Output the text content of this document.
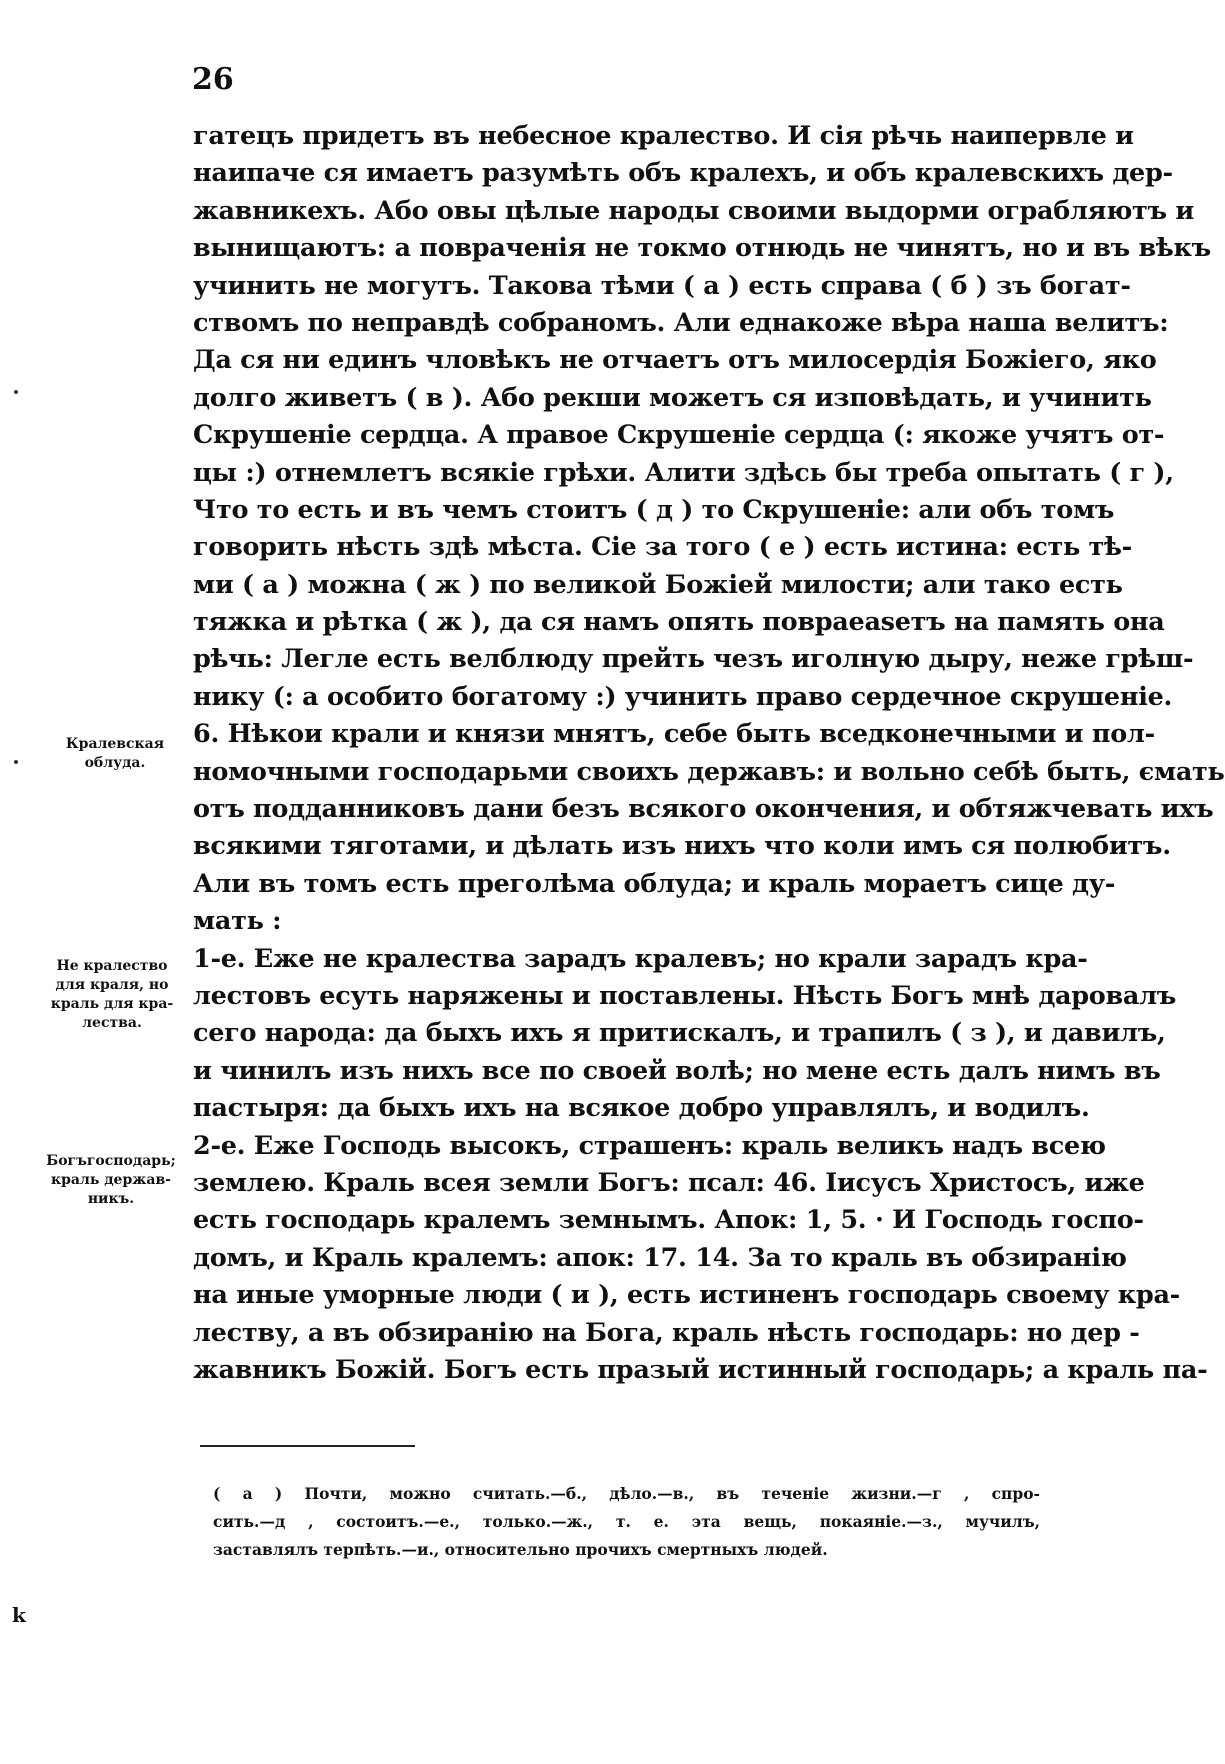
26
гатецъ придетъ въ небесное кралество. И сія рѣчь наипервле и
наипаче ся имаетъ разумѣть объ кралехъ, и объ кралевскихъ дер-
жавникехъ. Або овы цѣлые народы своими выдорми ограбляютъ и
вынищаютъ: а повраченія не токмо отнюдь не чинятъ, но и въ вѣкъ
учинить не могутъ. Такова тѣми ( а ) есть справа ( б ) зъ богат-
ствомъ по неправдѣ собраномъ. Али еднакоже вѣра наша велитъ:
Да ся ни единъ чловѣкъ не отчаетъ отъ милосердія Божіего, яко
долго живетъ ( в ). Або рекши можетъ ся изповѣдать, и учинить
Скрушеніе сердца. А правое Скрушеніе сердца (: якоже учятъ от-
цы :) отнемлетъ всякіе грѣхи. Алити здѣсь бы треба опытать ( г ),
Что то есть и въ чемъ стоитъ ( д ) то Скрушеніе: али объ томъ
говорить нѣсть здѣ мѣста. Сіе за того ( е ) есть истина: есть тѣ-
ми ( а ) можна ( ж ) по великой Божіей милости; али тако есть
тяжка и рѣтка ( ж ), да ся намъ опять повраeaseтъ на память она
рѣчь: Легле есть велблюду прейть чезъ иголную дыру, неже грѣш-
нику (: а особито богатому :) учинить право сердечное скрушеніе.
6. Нѣкои крали и князи мнятъ, себе быть вседконечными и пол-
номочными господарьми своихъ державъ: и вольно себѣ быть, ємать
отъ подданниковъ дани безъ всякого окончения, и обтяжчевать ихъ
всякими тяготами, и дѣлать изъ нихъ что коли имъ ся полюбитъ.
Али въ томъ есть преголѣма облуда; и краль мораетъ сице ду-
мать :
1-е. Еже не кралества зарадъ кралевъ; но крали зарадъ кра-
лестовъ есуть наряжены и поставлены. Нѣсть Богъ мнѣ даровалъ
сего народа: да быхъ ихъ я притискалъ, и трапилъ ( з ), и давилъ,
и чинилъ изъ нихъ все по своей волѣ; но мене есть далъ нимъ въ
пастыря: да быхъ ихъ на всякое добро управлялъ, и водилъ.
2-е. Еже Господь высокъ, страшенъ: краль великъ надъ всею
землею. Краль всея земли Богъ: псал: 46. Іисусъ Христосъ, иже
есть господарь кралемъ земнымъ. Апок: 1, 5. · И Господь госпо-
домъ, и Краль кралемъ: апок: 17. 14. За то краль въ обзиранію
на иные уморные люди ( и ), есть истиненъ господарь своему кра-
лeству, а въ обзиранію на Бога, краль нѣсть господарь: но дер -
жавникъ Божій. Богъ есть празый истинный господарь; а краль па-
Кралевская
облуда.
Не кралество
для краля, но
краль для кра-
лества.
Богъгосподарь;
краль держав-
никъ.
( а ) Почти, можно считать.—б., дѣло.—в., въ теченіе жизни.—г , спро-
сить.—д , состоитъ.—е., только.—ж., т. е. эта вещь, покаяніе.—з., мучилъ,
заставлялъ терпѣть.—и., относительно прочихъ смертныхъ людей.
k
